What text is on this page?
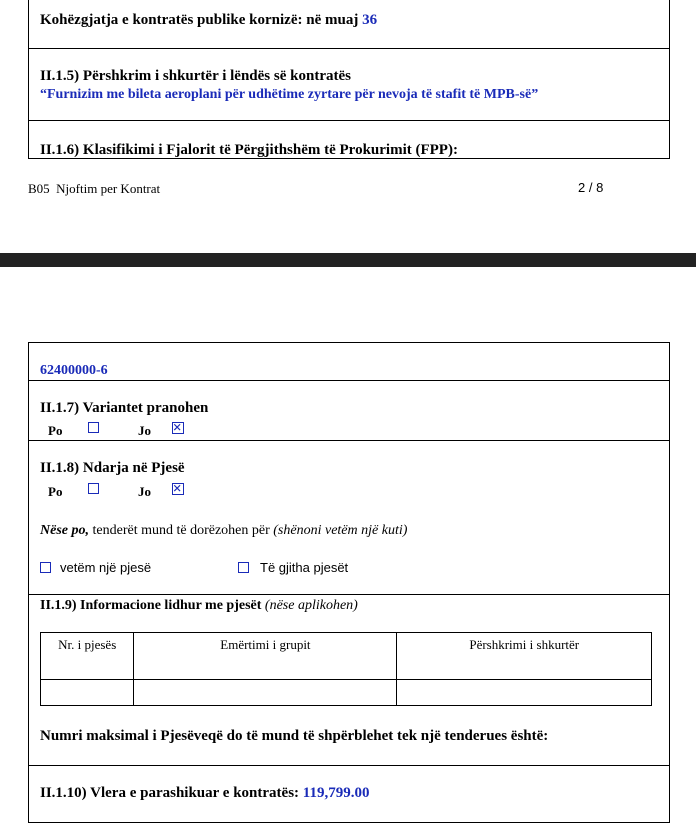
Kohëzgjatja e kontratës publike kornizë: në muaj 36
II.1.5) Përshkrim i shkurtër i lëndës së kontratës
“Furnizim me bileta aeroplani për udhëtime zyrtare për nevoja të stafit të MPB-së”
II.1.6) Klasifikimi i Fjalorit të Përgjithshëm të Prokurimit (FPP):
B05  Njoftim per Kontrat	2 / 8
62400000-6
II.1.7) Variantet pranohen
Po	Jo
II.1.8) Ndarja në Pjesë
Po	Jo
Nëse po, tenderët mund të dorëzohen për (shënoni vetëm një kuti)
vetëm një pjesë	Të gjitha pjesët
II.1.9) Informacione lidhur me pjesët (nëse aplikohen)
Nr. i pjesës	Emërtimi i grupit	Përshkrimi i shkurtër

Numri maksimal i Pjesëveqë do të mund të shpërblehet tek një tenderues është:
II.1.10) Vlera e parashikuar e kontratës: 119,799.00
